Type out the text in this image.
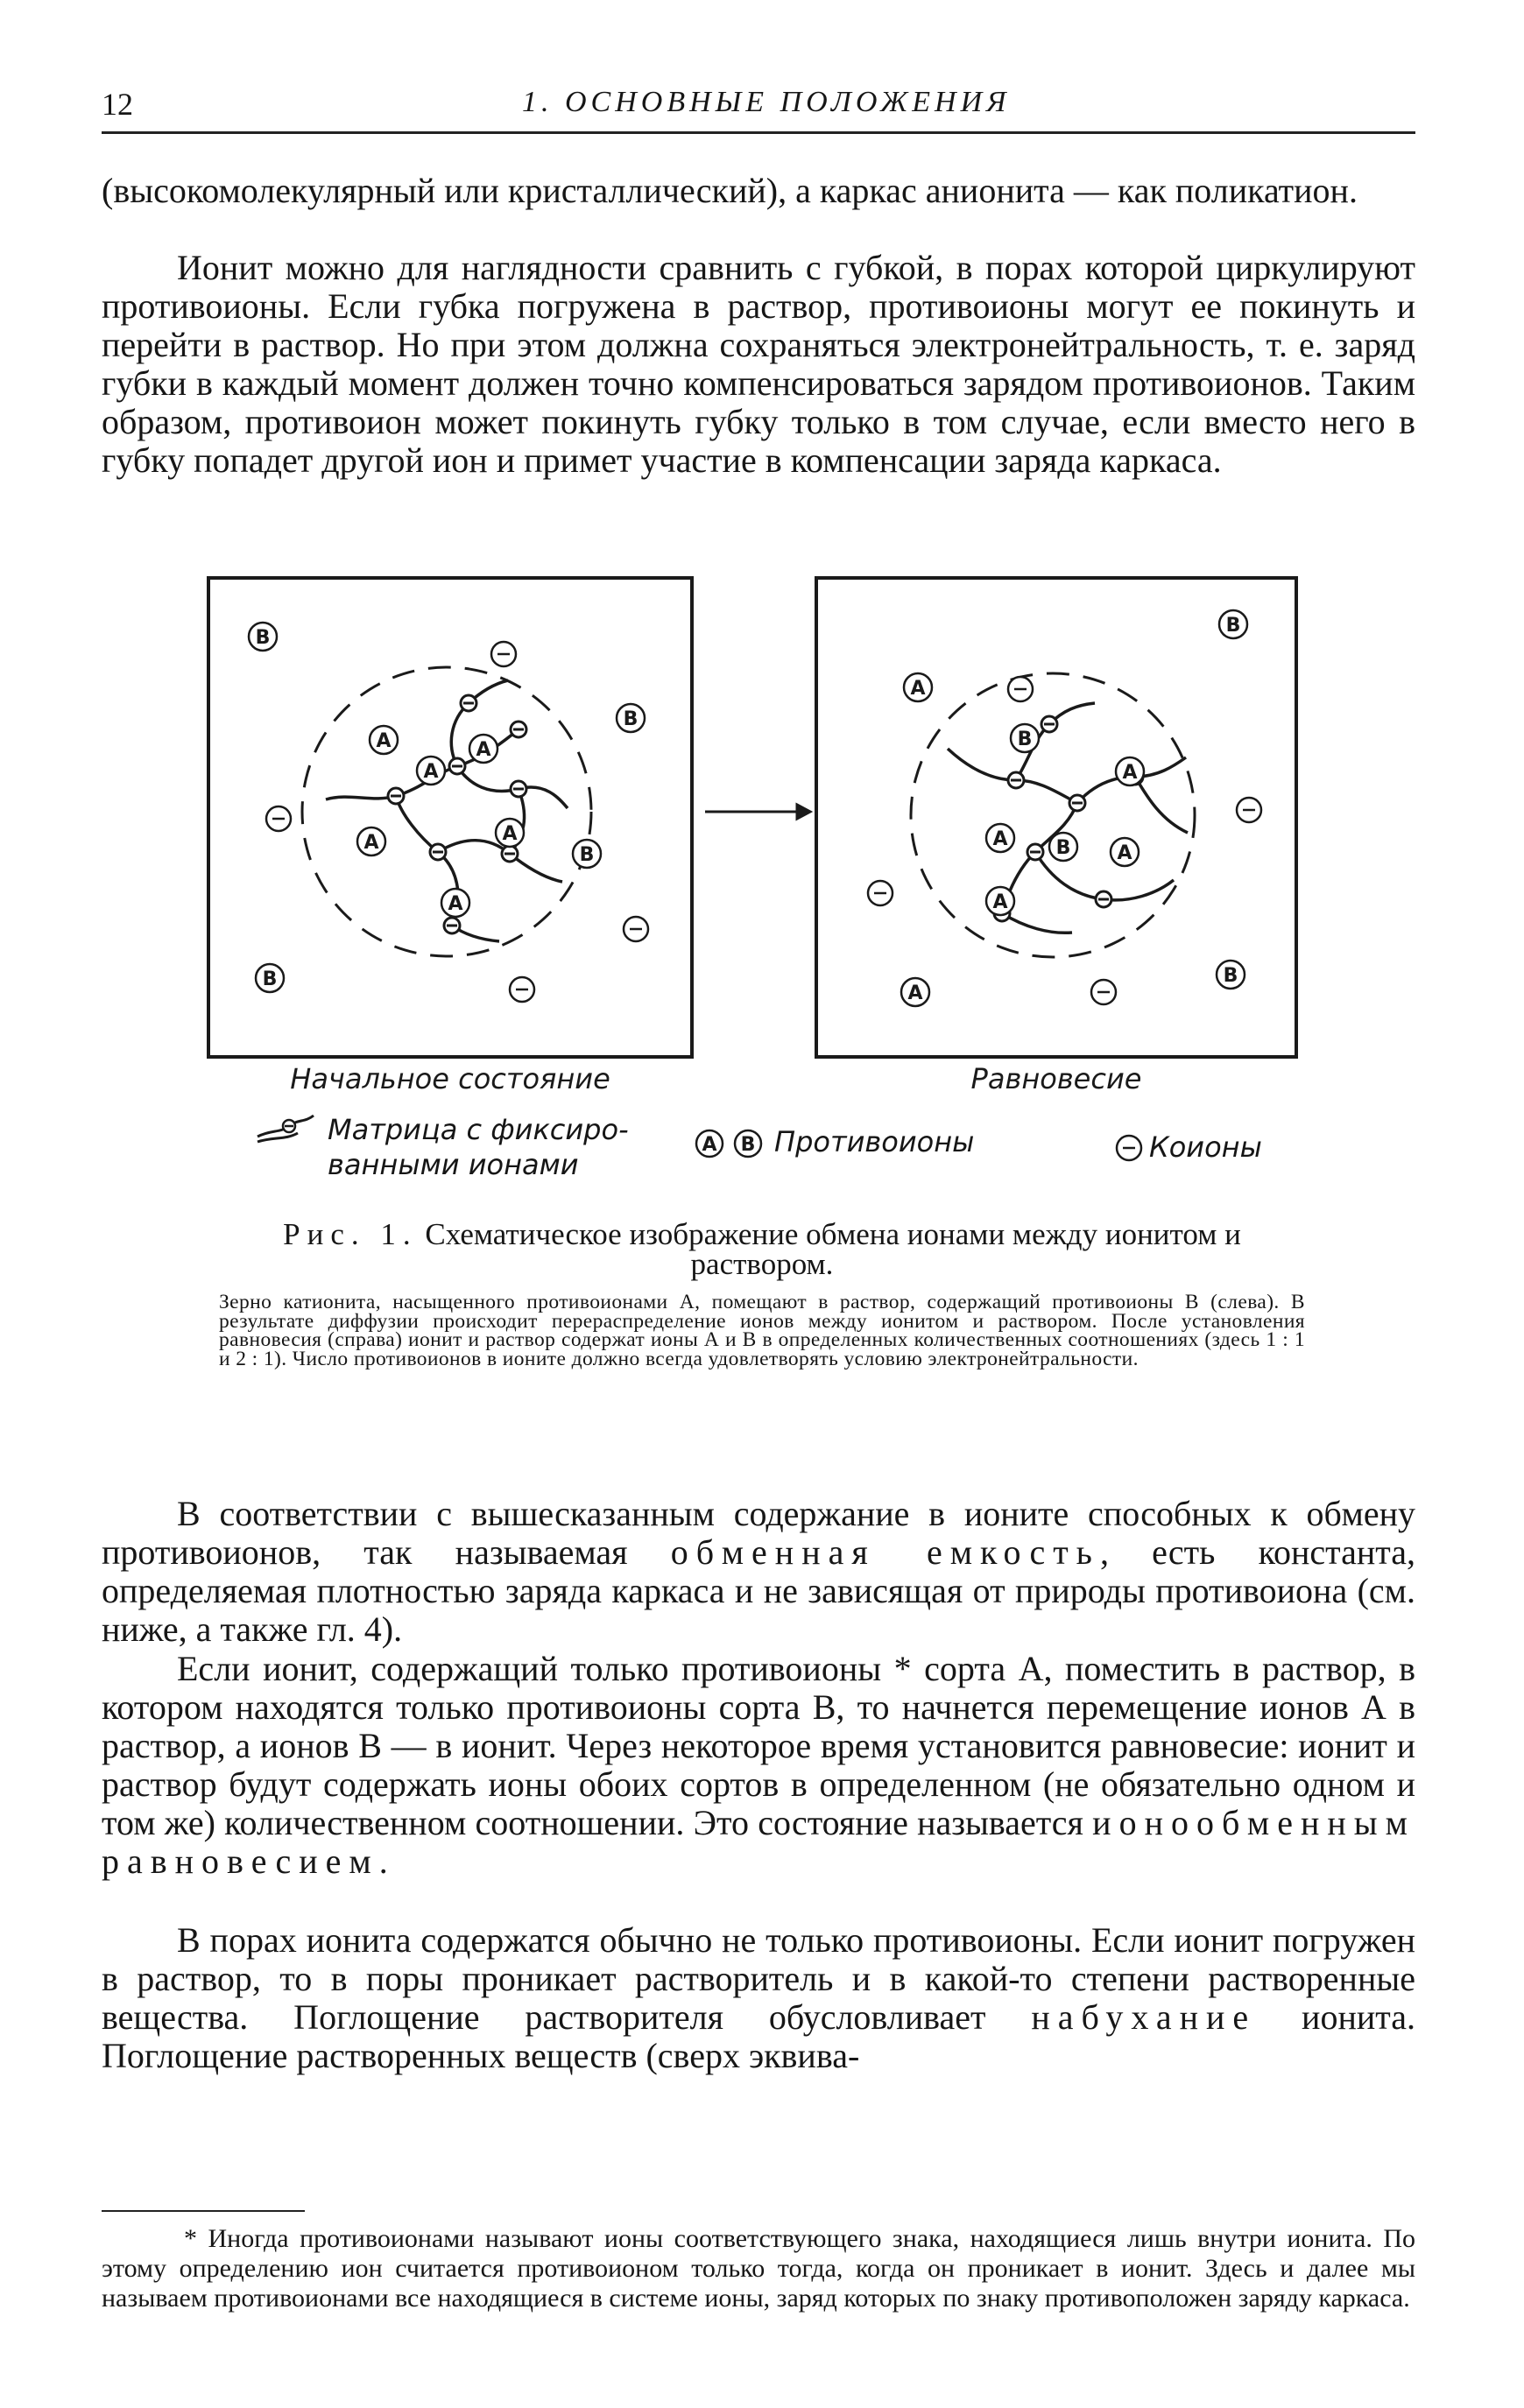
12	1. ОСНОВНЫЕ ПОЛОЖЕНИЯ

(высокомолекулярный или кристаллический), а каркас анионита — как поликатион.

Ионит можно для наглядности сравнить с губкой, в порах которой циркулируют противоионы. Если губка погружена в раствор, противоионы могут ее покинуть и перейти в раствор. Но при этом должна сохраняться электронейтральность, т. е. заряд губки в каждый момент должен точно компенсироваться зарядом противоионов. Таким образом, противоион может покинуть губку только в том случае, если вместо него в губку попадет другой ион и примет участие в компенсации заряда каркаса.

B
B
B
B
A
A
A
A	A
A
B
A
A
B
B
A
A	B A
A
Начальное состояние	Равновесие
Матрица с фиксиро-
ванными ионами
A B Противоионы	Коионы
Рис. 1. Схематическое изображение обмена ионами между ионитом и раствором.

Зерно катионита, насыщенного противоионами А, помещают в раствор, содержащий противоионы В (слева). В результате диффузии происходит перераспределение ионов между ионитом и раствором. После установления равновесия (справа) ионит и раствор содержат ионы А и В в определенных количественных соотношениях (здесь 1 : 1 и 2 : 1). Число противоионов в ионите должно всегда удовлетворять условию электронейтральности.

В соответствии с вышесказанным содержание в ионите способных к обмену противоионов, так называемая обменная емкость, есть константа, определяемая плотностью заряда каркаса и не зависящая от природы противоиона (см. ниже, а также гл. 4).

Если ионит, содержащий только противоионы * сорта А, поместить в раствор, в котором находятся только противоионы сорта В, то начнется перемещение ионов А в раствор, а ионов В — в ионит. Через некоторое время установится равновесие: ионит и раствор будут содержать ионы обоих сортов в определенном (не обязательно одном и том же) количественном соотношении. Это состояние называется ионообменным равновесием.

В порах ионита содержатся обычно не только противоионы. Если ионит погружен в раствор, то в поры проникает растворитель и в какой-то степени растворенные вещества. Поглощение растворителя обусловливает набухание ионита. Поглощение растворенных веществ (сверх эквива-

* Иногда противоионами называют ионы соответствующего знака, находящиеся лишь внутри ионита. По этому определению ион считается противоионом только тогда, когда он проникает в ионит. Здесь и далее мы называем противоионами все находящиеся в системе ионы, заряд которых по знаку противоположен заряду каркаса.
